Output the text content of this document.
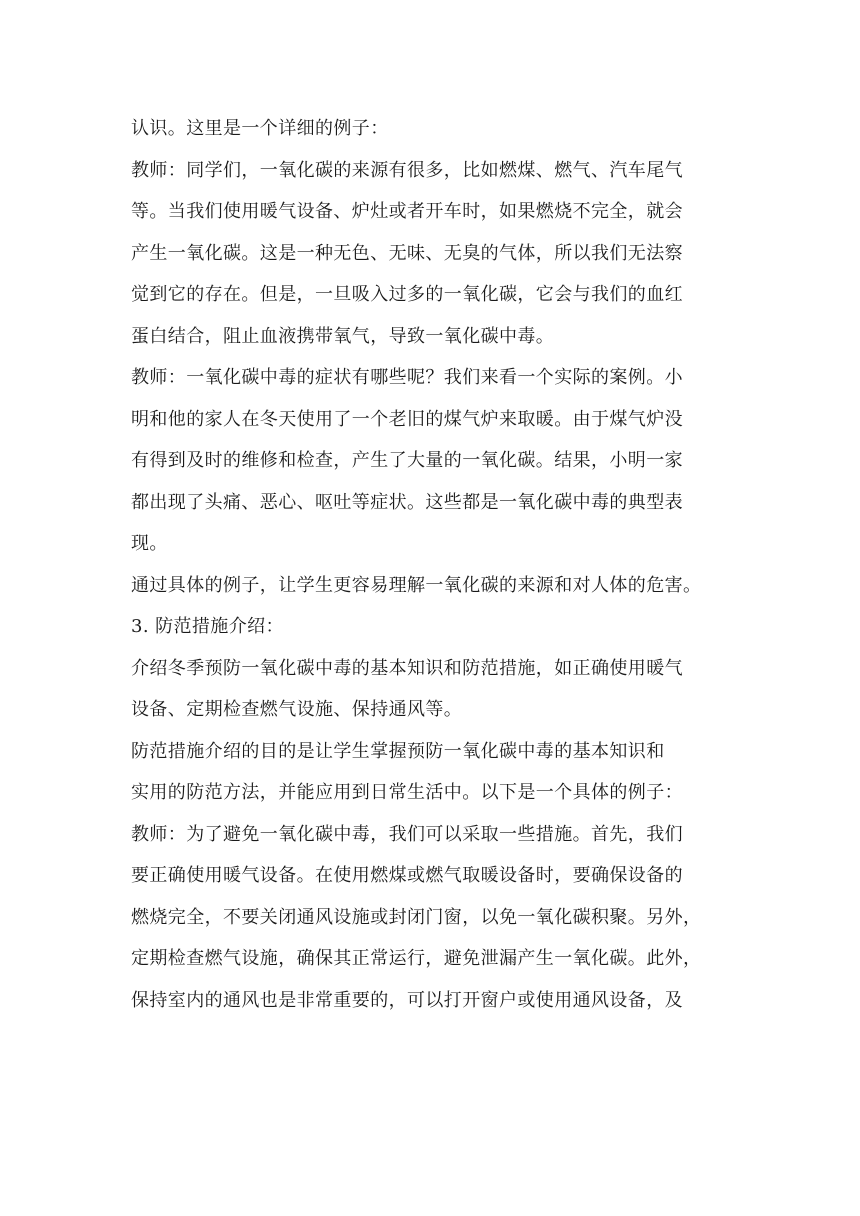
认识。这里是一个详细的例子：
教师：同学们，一氧化碳的来源有很多，比如燃煤、燃气、汽车尾气
等。当我们使用暖气设备、炉灶或者开车时，如果燃烧不完全，就会
产生一氧化碳。这是一种无色、无味、无臭的气体，所以我们无法察
觉到它的存在。但是，一旦吸入过多的一氧化碳，它会与我们的血红
蛋白结合，阻止血液携带氧气，导致一氧化碳中毒。
教师：一氧化碳中毒的症状有哪些呢？我们来看一个实际的案例。小
明和他的家人在冬天使用了一个老旧的煤气炉来取暖。由于煤气炉没
有得到及时的维修和检查，产生了大量的一氧化碳。结果，小明一家
都出现了头痛、恶心、呕吐等症状。这些都是一氧化碳中毒的典型表
现。
通过具体的例子，让学生更容易理解一氧化碳的来源和对人体的危害。
3. 防范措施介绍：
介绍冬季预防一氧化碳中毒的基本知识和防范措施，如正确使用暖气
设备、定期检查燃气设施、保持通风等。
防范措施介绍的目的是让学生掌握预防一氧化碳中毒的基本知识和
实用的防范方法，并能应用到日常生活中。以下是一个具体的例子：
教师：为了避免一氧化碳中毒，我们可以采取一些措施。首先，我们
要正确使用暖气设备。在使用燃煤或燃气取暖设备时，要确保设备的
燃烧完全，不要关闭通风设施或封闭门窗，以免一氧化碳积聚。另外，
定期检查燃气设施，确保其正常运行，避免泄漏产生一氧化碳。此外，
保持室内的通风也是非常重要的，可以打开窗户或使用通风设备，及
